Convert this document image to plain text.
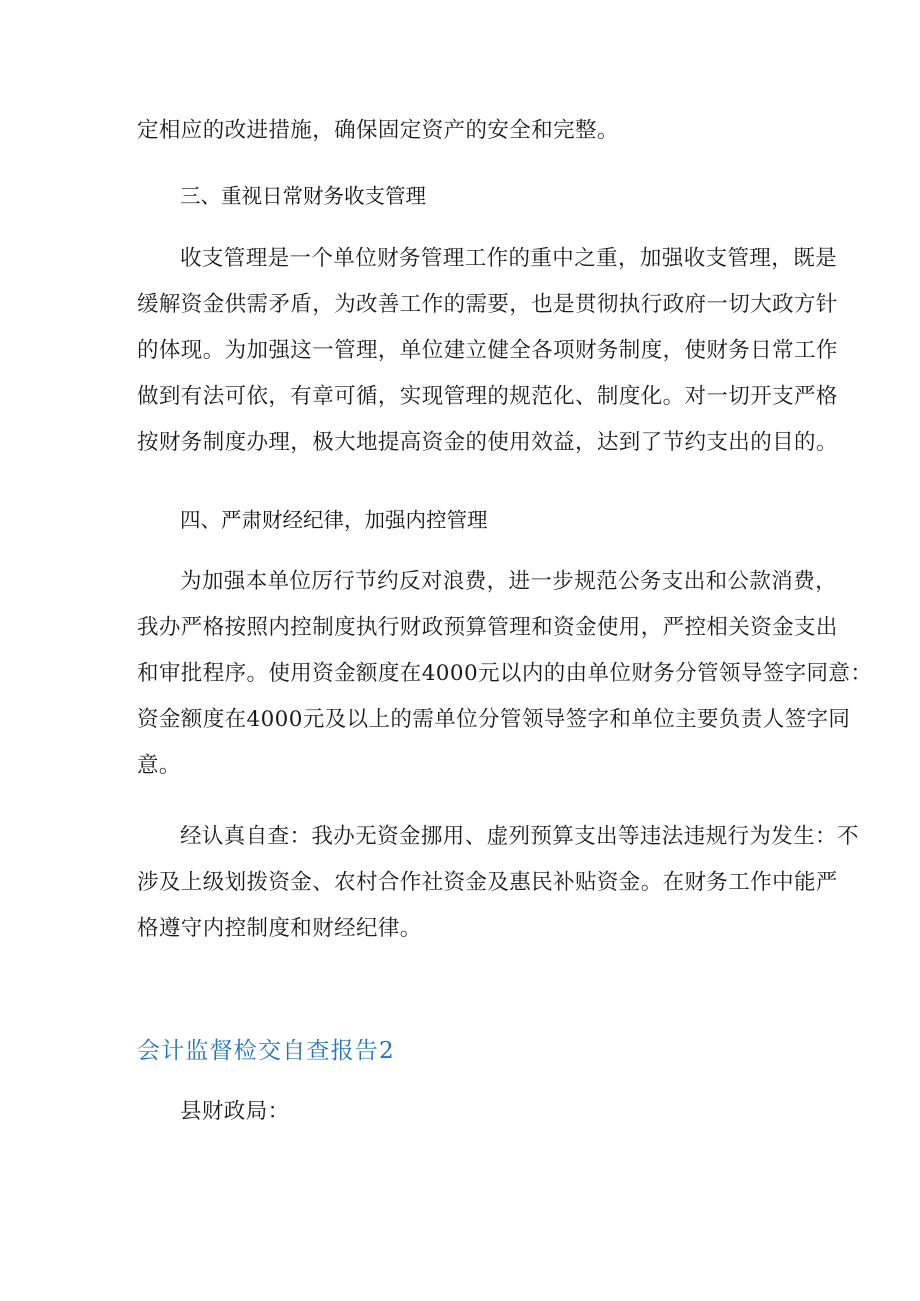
定相应的改进措施，确保固定资产的安全和完整。

三、重视日常财务收支管理

收支管理是一个单位财务管理工作的重中之重，加强收支管理，既是

缓解资金供需矛盾，为改善工作的需要，也是贯彻执行政府一切大政方针

的体现。为加强这一管理，单位建立健全各项财务制度，使财务日常工作

做到有法可依，有章可循，实现管理的规范化、制度化。对一切开支严格

按财务制度办理，极大地提高资金的使用效益，达到了节约支出的目的。

四、严肃财经纪律，加强内控管理

为加强本单位厉行节约反对浪费，进一步规范公务支出和公款消费，

我办严格按照内控制度执行财政预算管理和资金使用，严控相关资金支出

和审批程序。使用资金额度在4000元以内的由单位财务分管领导签字同意：

资金额度在4000元及以上的需单位分管领导签字和单位主要负责人签字同

意。

经认真自查：我办无资金挪用、虚列预算支出等违法违规行为发生：不

涉及上级划拨资金、农村合作社资金及惠民补贴资金。在财务工作中能严

格遵守内控制度和财经纪律。

会计监督检交自查报告2

县财政局：
